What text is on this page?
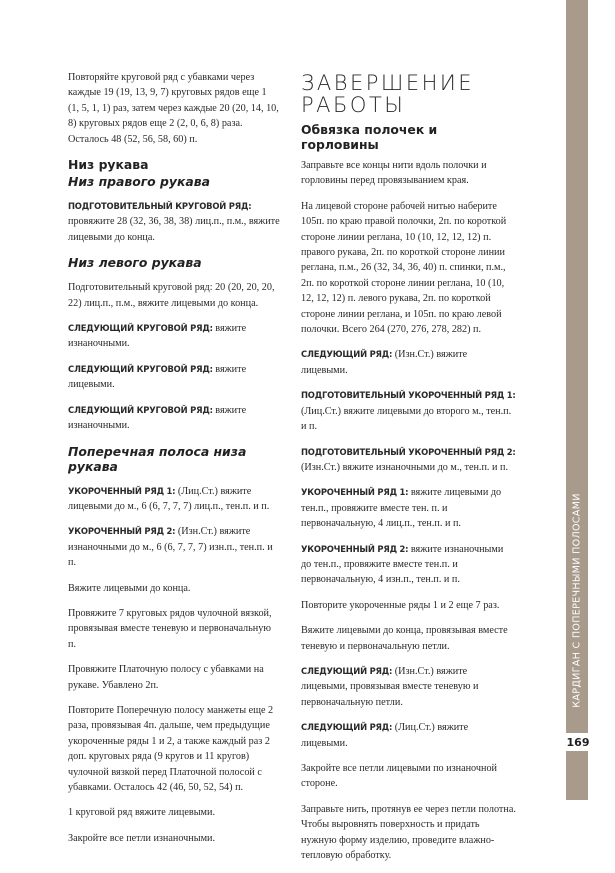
Повторяйте круговой ряд с убавками через каждые 19 (19, 13, 9, 7) круговых рядов еще 1 (1, 5, 1, 1) раз, затем через каждые 20 (20, 14, 10, 8) круговых рядов еще 2 (2, 0, 6, 8) раза. Осталось 48 (52, 56, 58, 60) п.

Низ рукава
Низ правого рукава

ПОДГОТОВИТЕЛЬНЫЙ КРУГОВОЙ РЯД: провяжите 28 (32, 36, 38, 38) лиц.п., п.м., вяжите лицевыми до конца.

Низ левого рукава

Подготовительный круговой ряд: 20 (20, 20, 20, 22) лиц.п., п.м., вяжите лицевыми до конца.

СЛЕДУЮЩИЙ КРУГОВОЙ РЯД: вяжите изнаночными.

СЛЕДУЮЩИЙ КРУГОВОЙ РЯД: вяжите лицевыми.

СЛЕДУЮЩИЙ КРУГОВОЙ РЯД: вяжите изнаночными.

Поперечная полоса низа рукава

УКОРОЧЕННЫЙ РЯД 1: (Лиц.Ст.) вяжите лицевыми до м., 6 (6, 7, 7, 7) лиц.п., тен.п. и п.

УКОРОЧЕННЫЙ РЯД 2: (Изн.Ст.) вяжите изнаночными до м., 6 (6, 7, 7, 7) изн.п., тен.п. и п.

Вяжите лицевыми до конца.

Провяжите 7 круговых рядов чулочной вязкой, провязывая вместе теневую и первоначальную п.

Провяжите Платочную полосу с убавками на рукаве. Убавлено 2п.

Повторите Поперечную полосу манжеты еще 2 раза, провязывая 4п. дальше, чем предыдущие укороченные ряды 1 и 2, а также каждый раз 2 доп. круговых ряда (9 кругов и 11 кругов) чулочной вязкой перед Платочной полосой с убавками. Осталось 42 (46, 50, 52, 54) п.

1 круговой ряд вяжите лицевыми.

Закройте все петли изнаночными.

ЗАВЕРШЕНИЕ
РАБОТЫ
Обвязка полочек и горловины

Заправьте все концы нити вдоль полочки и горловины перед провязыванием края.

На лицевой стороне рабочей нитью наберите 105п. по краю правой полочки, 2п. по короткой стороне линии реглана, 10 (10, 12, 12, 12) п. правого рукава, 2п. по короткой стороне линии реглана, п.м., 26 (32, 34, 36, 40) п. спинки, п.м., 2п. по короткой стороне линии реглана, 10 (10, 12, 12, 12) п. левого рукава, 2п. по короткой стороне линии реглана, и 105п. по краю левой полочки. Всего 264 (270, 276, 278, 282) п.

СЛЕДУЮЩИЙ РЯД: (Изн.Ст.) вяжите лицевыми.

ПОДГОТОВИТЕЛЬНЫЙ УКОРОЧЕННЫЙ РЯД 1: (Лиц.Ст.) вяжите лицевыми до второго м., тен.п. и п.

ПОДГОТОВИТЕЛЬНЫЙ УКОРОЧЕННЫЙ РЯД 2: (Изн.Ст.) вяжите изнаночными до м., тен.п. и п.

УКОРОЧЕННЫЙ РЯД 1: вяжите лицевыми до тен.п., провяжите вместе тен. п. и первоначальную, 4 лиц.п., тен.п. и п.

УКОРОЧЕННЫЙ РЯД 2: вяжите изнаночными до тен.п., провяжите вместе тен.п. и первоначальную, 4 изн.п., тен.п. и п.

Повторите укороченные ряды 1 и 2 еще 7 раз.

Вяжите лицевыми до конца, провязывая вместе теневую и первоначальную петли.

СЛЕДУЮЩИЙ РЯД: (Изн.Ст.) вяжите лицевыми, провязывая вместе теневую и первоначальную петли.

СЛЕДУЮЩИЙ РЯД: (Лиц.Ст.) вяжите лицевыми.

Закройте все петли лицевыми по изнаночной стороне.

Заправьте нить, протянув ее через петли полотна. Чтобы выровнять поверхность и придать нужную форму изделию, проведите влажно-тепловую обработку.

КАРДИГАН С ПОПЕРЕЧНЫМИ ПОЛОСАМИ
169
